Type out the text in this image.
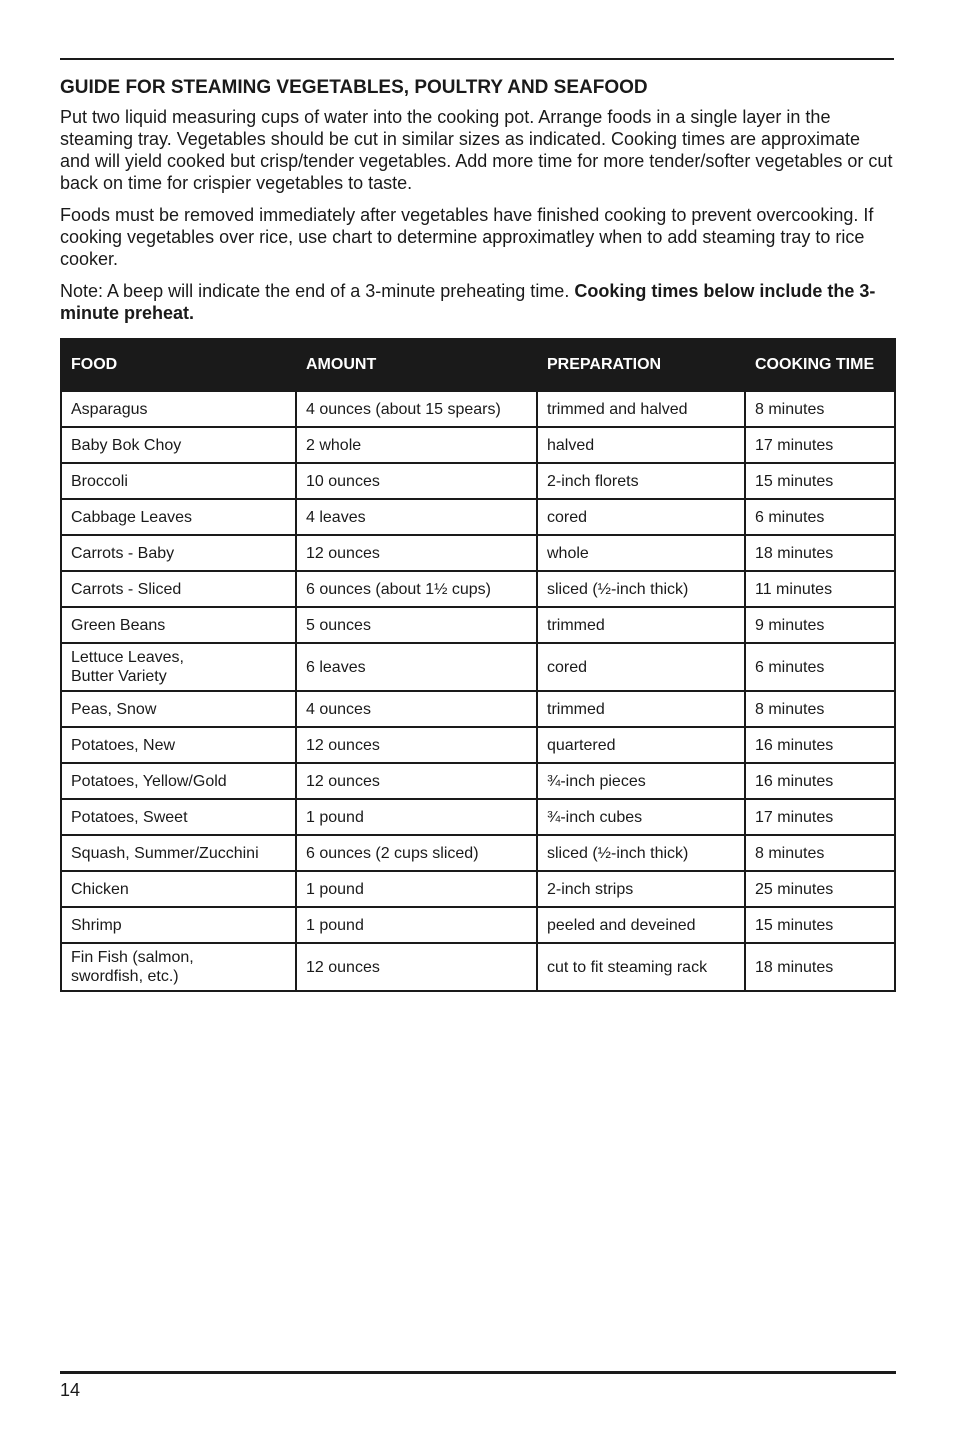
GUIDE FOR STEAMING VEGETABLES, POULTRY AND SEAFOOD

Put two liquid measuring cups of water into the cooking pot. Arrange foods in a single layer in the steaming tray. Vegetables should be cut in similar sizes as indicated. Cooking times are approximate and will yield cooked but crisp/tender vegetables. Add more time for more tender/softer vegetables or cut back on time for crispier vegetables to taste.

Foods must be removed immediately after vegetables have finished cooking to prevent overcooking. If cooking vegetables over rice, use chart to determine approximatley when to add steaming tray to rice cooker.

Note: A beep will indicate the end of a 3-minute preheating time. Cooking times below include the 3-minute preheat.

FOOD	AMOUNT	PREPARATION	COOKING TIME
Asparagus	4 ounces (about 15 spears)	trimmed and halved	8 minutes
Baby Bok Choy	2 whole	halved	17 minutes
Broccoli	10 ounces	2-inch florets	15 minutes
Cabbage Leaves	4 leaves	cored	6 minutes
Carrots - Baby	12 ounces	whole	18 minutes
Carrots - Sliced	6 ounces (about 1½ cups)	sliced (½-inch thick)	11 minutes
Green Beans	5 ounces	trimmed	9 minutes
Lettuce Leaves,
Butter Variety	6 leaves	cored	6 minutes
Peas, Snow	4 ounces	trimmed	8 minutes
Potatoes, New	12 ounces	quartered	16 minutes
Potatoes, Yellow/Gold	12 ounces	¾-inch pieces	16 minutes
Potatoes, Sweet	1 pound	¾-inch cubes	17 minutes
Squash, Summer/Zucchini	6 ounces (2 cups sliced)	sliced (½-inch thick)	8 minutes
Chicken	1 pound	2-inch strips	25 minutes
Shrimp	1 pound	peeled and deveined	15 minutes
Fin Fish (salmon,
swordfish, etc.)	12 ounces	cut to fit steaming rack	18 minutes
14
